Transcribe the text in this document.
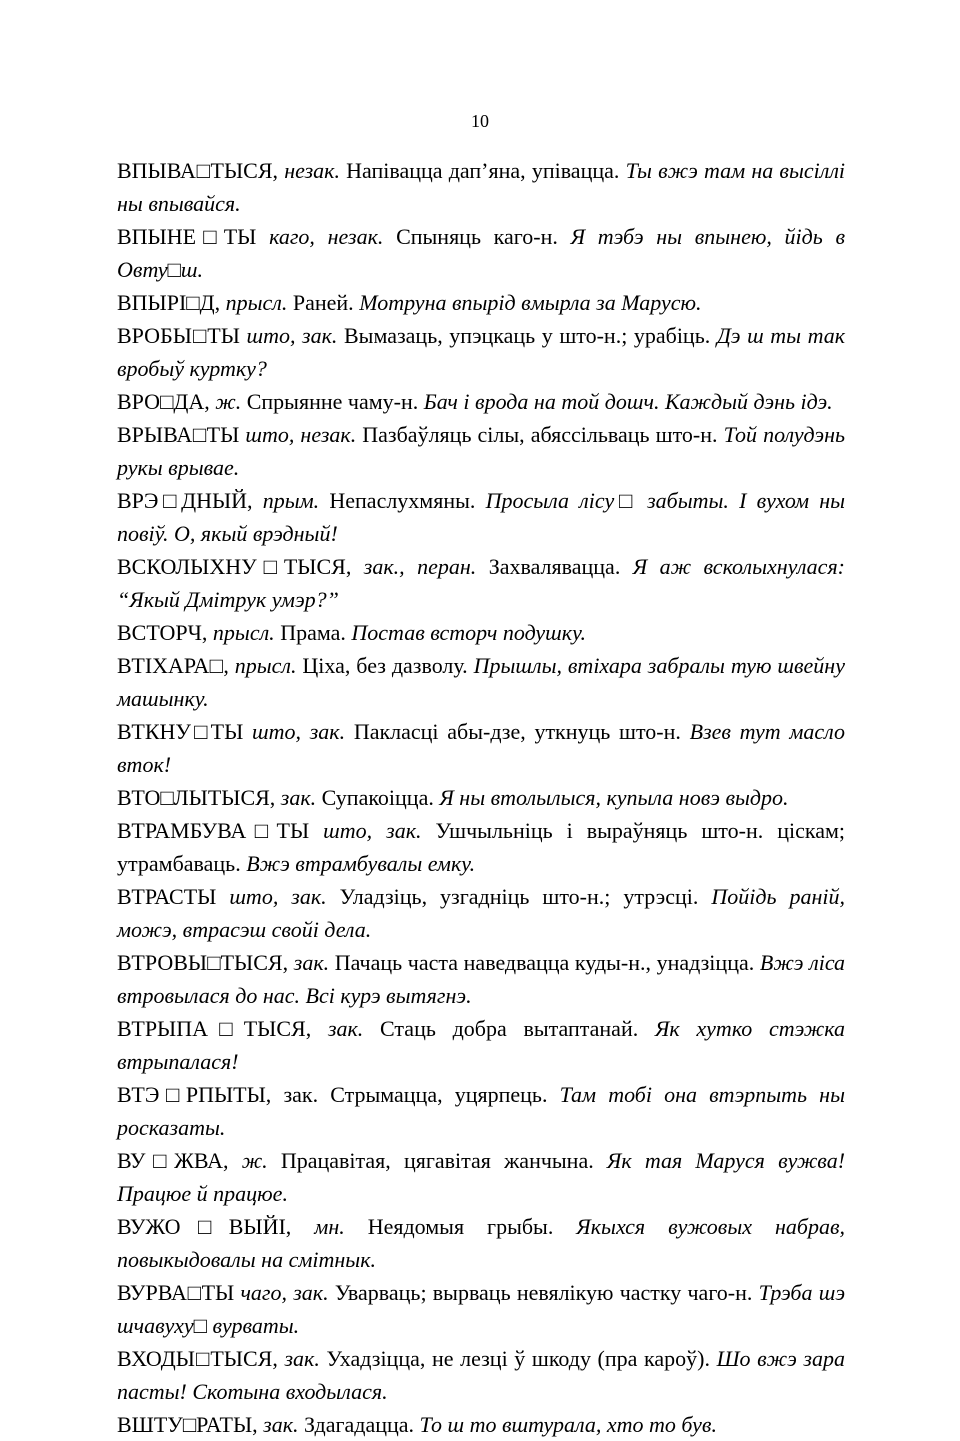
10

ВПЫВА□ТЫСЯ, незак. Напівацца дап’яна, упівацца. Ты вжэ там на высіллі ны впывайся.

ВПЫНЕ□ТЫ каго, незак. Спыняць каго-н. Я тэбэ ны впынею, йідь в Овту□ш.

ВПЫРІ□Д, прысл. Раней. Мотруна впырід вмырла за Марусю.

ВРОБЫ□ТЫ што, зак. Вымазаць, упэцкаць у што-н.; урабіць. Дэ ш ты так вробыў куртку?

ВРО□ДА, ж. Спрыянне чаму-н. Бач і врода на той дошч. Каждый дэнь ідэ.

ВРЫВА□ТЫ што, незак. Пазбаўляць сілы, абяссільваць што-н. Той полудэнь рукы врывае.

ВРЭ□ДНЫЙ, прым. Непаслухмяны. Просыла лісу□ забыты. І вухом ны повіў. О, якый врэдный!

ВСКОЛЫХНУ□ТЫСЯ, зак., перан. Захвалявацца. Я аж всколыхнулася: “Якый Дмітрук умэр?”

ВСТОРЧ, прысл. Прама. Постав всторч подушку.

ВТІХАРА□, прысл. Ціха, без дазволу. Прышлы, втіхара забралы тую швейну машынку.

ВТКНУ□ТЫ што, зак. Пакласці абы-дзе, уткнуць што-н. Взев тут масло вток!

ВТО□ЛЫТЫСЯ, зак. Супакоіцца. Я ны втолылыся, купыла новэ выдро.

ВТРАМБУВА□ТЫ што, зак. Ушчыльніць і выраўняць што-н. ціскам; утрамбаваць. Вжэ втрамбувалы емку.

ВТРАСТЫ што, зак. Уладзіць, узгадніць што-н.; утрэсці. Пойідь раній, можэ, втрасэш свойі дела.

ВТРОВЫ□ТЫСЯ, зак. Пачаць часта наведвацца куды-н., унадзіцца. Вжэ ліса втровылася до нас. Всі курэ вытягнэ.

ВТРЫПА□ТЫСЯ, зак. Стаць добра вытаптанай. Як хутко стэжка втрыпалася!

ВТЭ□РПЫТЫ, зак. Стрымацца, уцярпець. Там тобі она втэрпыть ны росказаты.

ВУ□ЖВА, ж. Працавітая, цягавітая жанчына. Як тая Маруся вужва! Працюе й працюе.

ВУЖО□ВЫЙІ, мн. Неядомыя грыбы. Якыхся вужовых набрав, повыкыдовалы на смітнык.

ВУРВА□ТЫ чаго, зак. Уварваць; вырваць невялікую частку чаго-н. Трэба шэ шчавуху□ вурваты.

ВХОДЫ□ТЫСЯ, зак. Ухадзіцца, не лезці ў шкоду (пра кароў). Шо вжэ зара пасты! Скотына входылася.

ВШТУ□РАТЫ, зак. Здагадацца. То ш то вштурала, хто то був.
